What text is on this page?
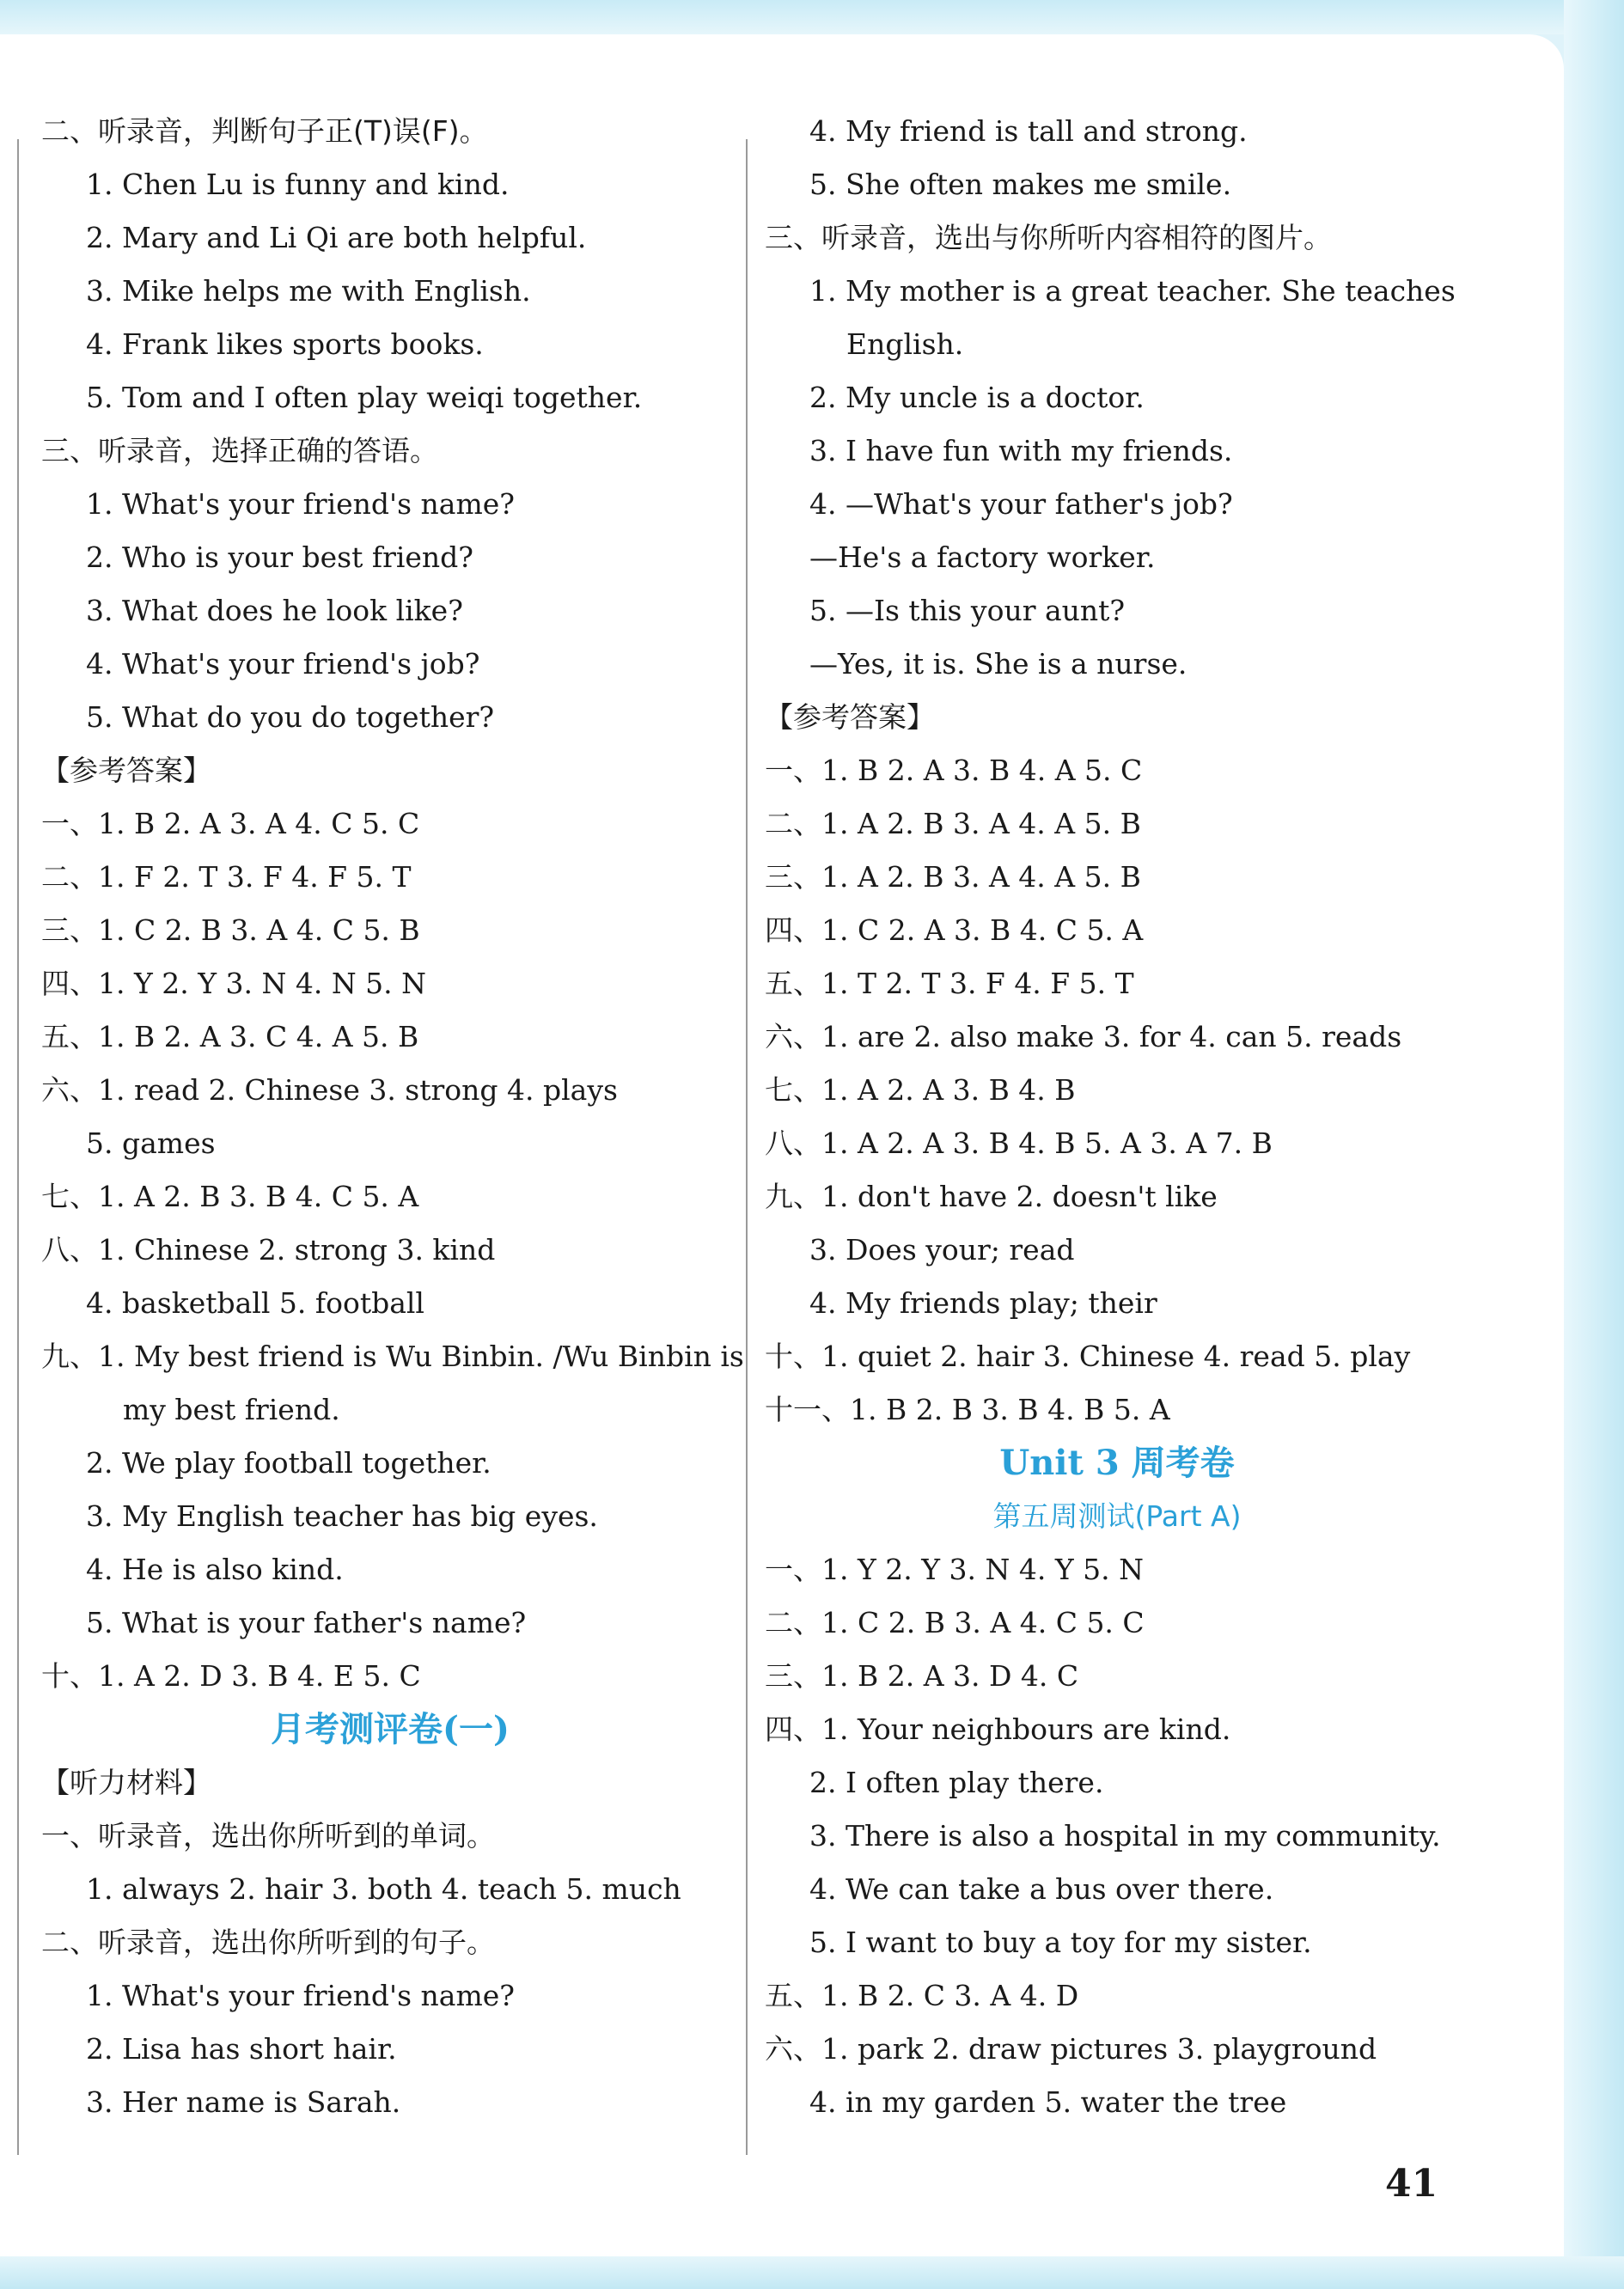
二、听录音，判断句子正(T)误(F)。
1. Chen Lu is funny and kind.
2. Mary and Li Qi are both helpful.
3. Mike helps me with English.
4. Frank likes sports books.
5. Tom and I often play weiqi together.
三、听录音，选择正确的答语。
1. What's your friend's name?
2. Who is your best friend?
3. What does he look like?
4. What's your friend's job?
5. What do you do together?
【参考答案】
一、1. B 2. A 3. A 4. C 5. C
二、1. F 2. T 3. F 4. F 5. T
三、1. C 2. B 3. A 4. C 5. B
四、1. Y 2. Y 3. N 4. N 5. N
五、1. B 2. A 3. C 4. A 5. B
六、1. read 2. Chinese 3. strong 4. plays
5. games
七、1. A 2. B 3. B 4. C 5. A
八、1. Chinese 2. strong 3. kind
4. basketball 5. football
九、1. My best friend is Wu Binbin. /Wu Binbin is
my best friend.
2. We play football together.
3. My English teacher has big eyes.
4. He is also kind.
5. What is your father's name?
十、1. A 2. D 3. B 4. E 5. C
月考测评卷(一)
【听力材料】
一、听录音，选出你所听到的单词。
1. always 2. hair 3. both 4. teach 5. much
二、听录音，选出你所听到的句子。
1. What's your friend's name?
2. Lisa has short hair.
3. Her name is Sarah.
4. My friend is tall and strong.
5. She often makes me smile.
三、听录音，选出与你所听内容相符的图片。
1. My mother is a great teacher. She teaches
English.
2. My uncle is a doctor.
3. I have fun with my friends.
4. —What's your father's job?
—He's a factory worker.
5. —Is this your aunt?
—Yes, it is. She is a nurse.
【参考答案】
一、1. B 2. A 3. B 4. A 5. C
二、1. A 2. B 3. A 4. A 5. B
三、1. A 2. B 3. A 4. A 5. B
四、1. C 2. A 3. B 4. C 5. A
五、1. T 2. T 3. F 4. F 5. T
六、1. are 2. also make 3. for 4. can 5. reads
七、1. A 2. A 3. B 4. B
八、1. A 2. A 3. B 4. B 5. A 3. A 7. B
九、1. don't have 2. doesn't like
3. Does your; read
4. My friends play; their
十、1. quiet 2. hair 3. Chinese 4. read 5. play
十一、1. B 2. B 3. B 4. B 5. A
Unit 3 周考卷
第五周测试(Part A)
一、1. Y 2. Y 3. N 4. Y 5. N
二、1. C 2. B 3. A 4. C 5. C
三、1. B 2. A 3. D 4. C
四、1. Your neighbours are kind.
2. I often play there.
3. There is also a hospital in my community.
4. We can take a bus over there.
5. I want to buy a toy for my sister.
五、1. B 2. C 3. A 4. D
六、1. park 2. draw pictures 3. playground
4. in my garden 5. water the tree
41
